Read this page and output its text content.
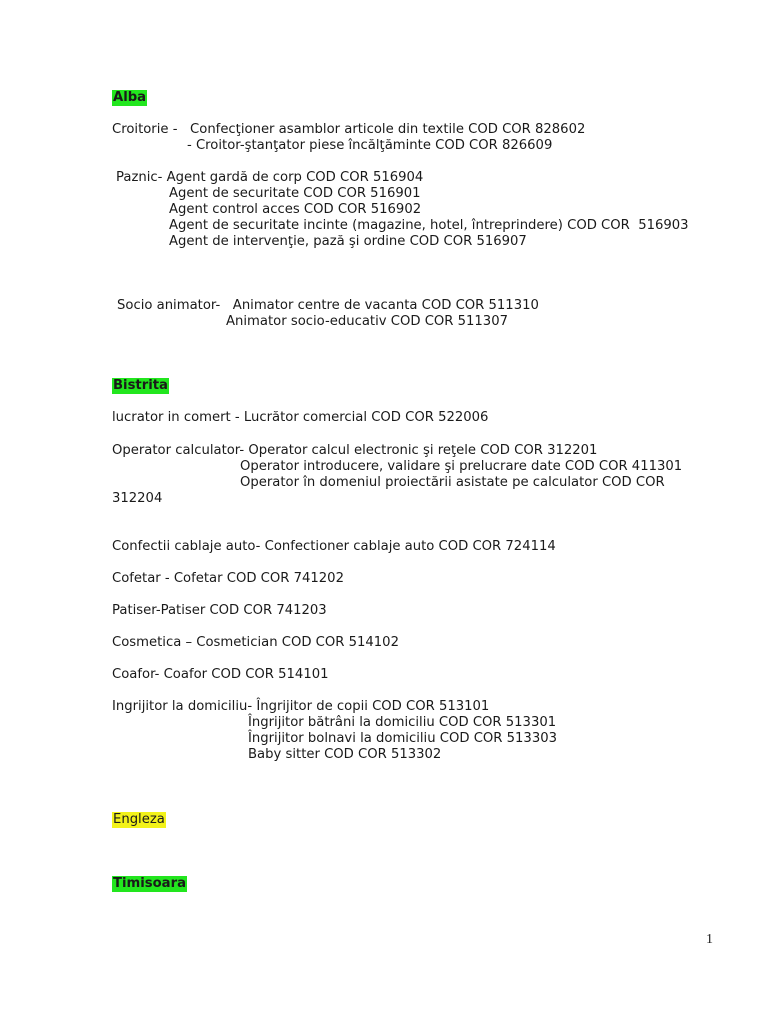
Alba
Croitorie -   Confecţioner asamblor articole din textile COD COR 828602
- Croitor-ştanţator piese încălţăminte COD COR 826609
Paznic- Agent gardă de corp COD COR 516904
Agent de securitate COD COR 516901
Agent control acces COD COR 516902
Agent de securitate incinte (magazine, hotel, întreprindere) COD COR  516903
Agent de intervenţie, pază şi ordine COD COR 516907
Socio animator-   Animator centre de vacanta COD COR 511310
Animator socio-educativ COD COR 511307
Bistrita
lucrator in comert - Lucrător comercial COD COR 522006
Operator calculator- Operator calcul electronic şi reţele COD COR 312201
Operator introducere, validare şi prelucrare date COD COR 411301
Operator în domeniul proiectării asistate pe calculator COD COR
312204
Confectii cablaje auto- Confectioner cablaje auto COD COR 724114
Cofetar - Cofetar COD COR 741202
Patiser-Patiser COD COR 741203
Cosmetica – Cosmetician COD COR 514102
Coafor- Coafor COD COR 514101
Ingrijitor la domiciliu- Îngrijitor de copii COD COR 513101
Îngrijitor bătrâni la domiciliu COD COR 513301
Îngrijitor bolnavi la domiciliu COD COR 513303
Baby sitter COD COR 513302
Engleza
Timisoara
1
